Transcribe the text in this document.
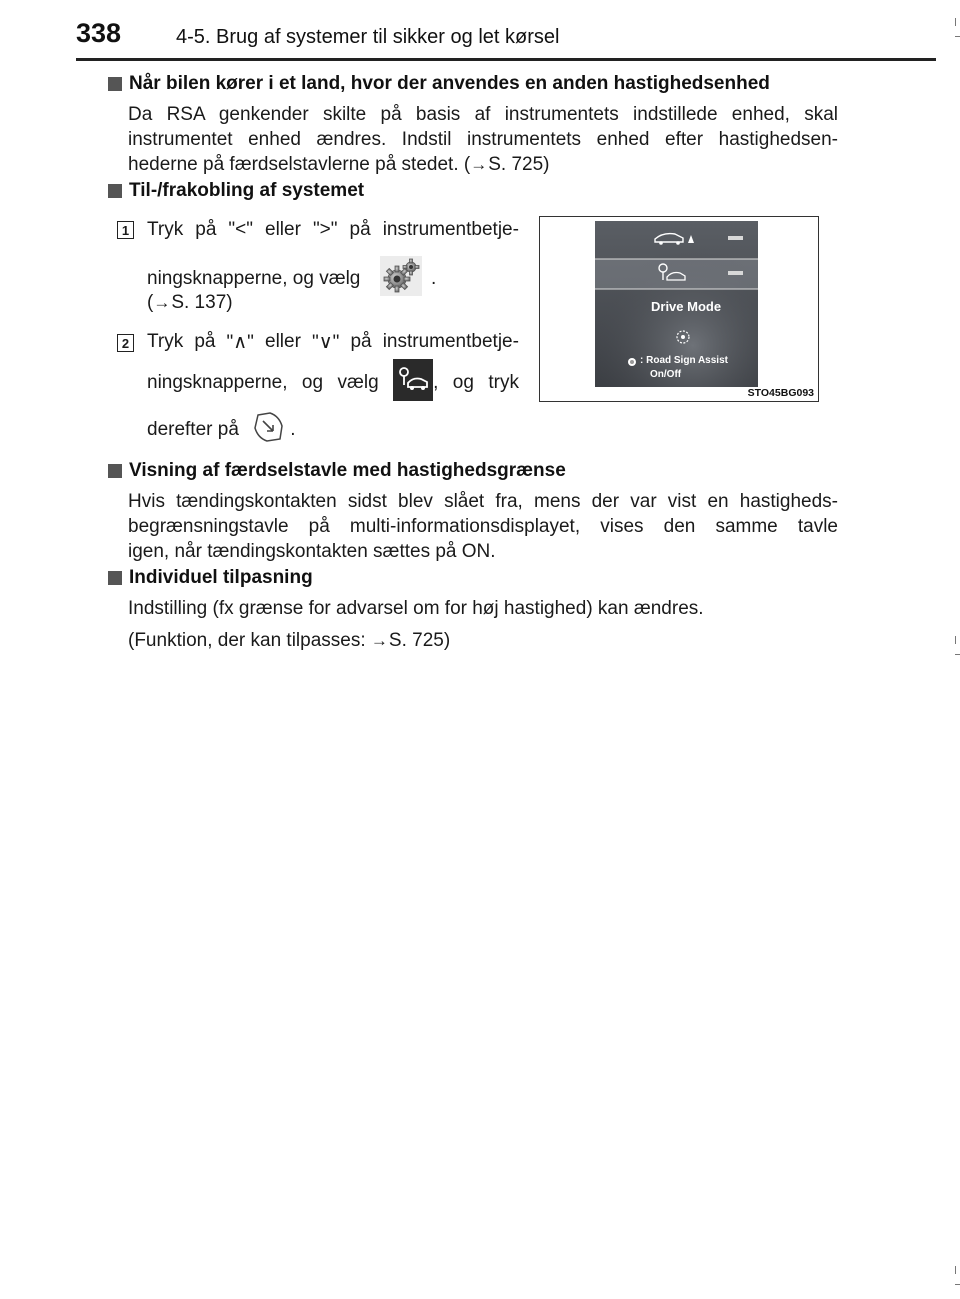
338	4-5. Brug af systemer til sikker og let kørsel
Når bilen kører i et land, hvor der anvendes en anden hastighedsenhed
Da RSA genkender skilte på basis af instrumentets indstillede enhed, skal
instrumentet enhed ændres. Indstil instrumentets enhed efter hastighedsen-
hederne på færdselstavlerne på stedet. (→S. 725)
Til-/frakobling af systemet
1 Tryk på "<" eller ">" på instrumentbetje-
ningsknapperne, og vælg	.
(→S. 137)
2 Tryk på "∧" eller "∨" på instrumentbetje-
ningsknapperne, og vælg	, og tryk
derefter på	.
Drive Mode
: Road Sign Assist
On/Off
STO45BG093
Visning af færdselstavle med hastighedsgrænse
Hvis tændingskontakten sidst blev slået fra, mens der var vist en hastigheds-
begrænsningstavle på multi-informationsdisplayet, vises den samme tavle
igen, når tændingskontakten sættes på ON.
Individuel tilpasning
Indstilling (fx grænse for advarsel om for høj hastighed) kan ændres.
(Funktion, der kan tilpasses: →S. 725)
